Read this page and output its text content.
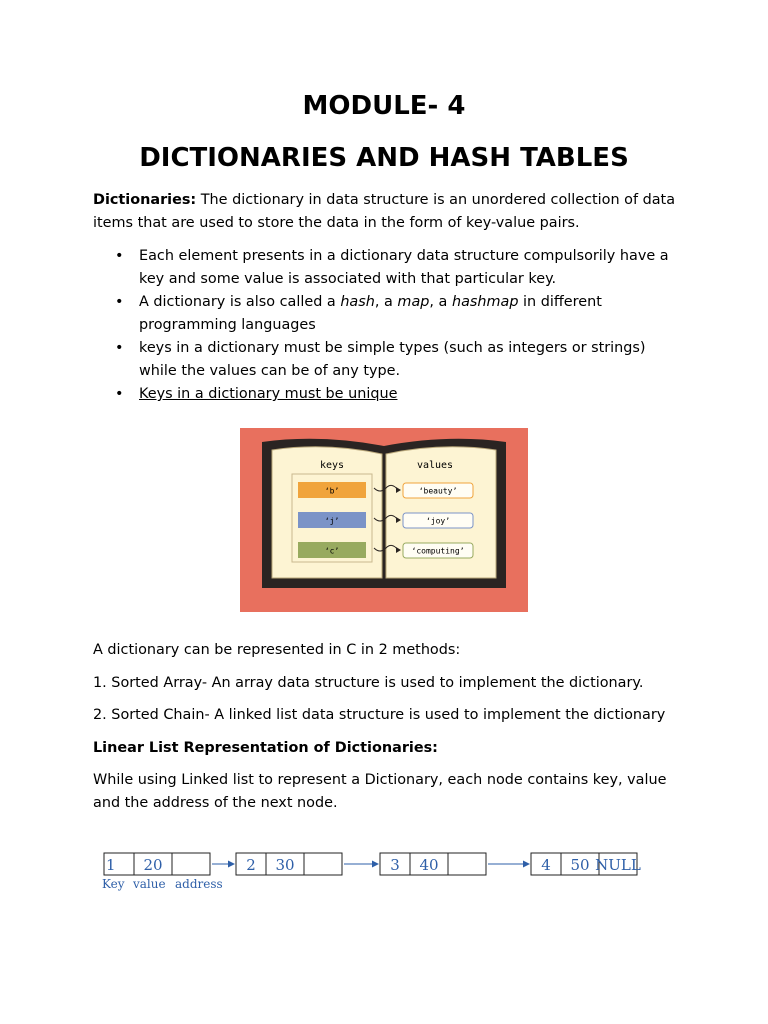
MODULE- 4
DICTIONARIES AND HASH TABLES

Dictionaries: The dictionary in data structure is an unordered collection of data items that are used to store the data in the form of key-value pairs.

• Each element presents in a dictionary data structure compulsorily have a key and some value is associated with that particular key.
• A dictionary is also called a hash, a map, a hashmap in different programming languages
• keys in a dictionary must be simple types (such as integers or strings) while the values can be of any type.
• Keys in a dictionary must be unique
keys	values
‘b’	‘beauty’
‘j’	‘joy’
‘c’	‘computing’

A dictionary can be represented in C in 2 methods:

1. Sorted Array- An array data structure is used to implement the dictionary.

2. Sorted Chain- A linked list data structure is used to implement the dictionary

Linear List Representation of Dictionaries:

While using Linked list to represent a Dictionary, each node contains key, value and the address of the next node.

1 20	2 30	3 40	4 50 NULL
Key value address
